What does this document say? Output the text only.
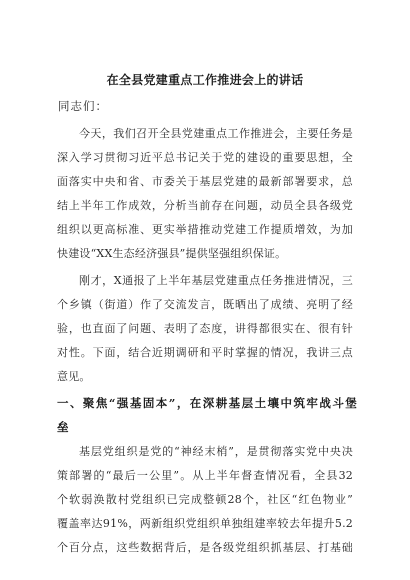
在全县党建重点工作推进会上的讲话

同志们：

今天，我们召开全县党建重点工作推进会，主要任务是
深入学习贯彻习近平总书记关于党的建设的重要思想，全
面落实中央和省、市委关于基层党建的最新部署要求，总
结上半年工作成效，分析当前存在问题，动员全县各级党
组织以更高标准、更实举措推动党建工作提质增效，为加
快建设“XX生态经济强县”提供坚强组织保证。
刚才，X通报了上半年基层党建重点任务推进情况，三
个乡镇（街道）作了交流发言，既晒出了成绩、亮明了经
验，也直面了问题、表明了态度，讲得都很实在、很有针
对性。下面，结合近期调研和平时掌握的情况，我讲三点
意见。
一、聚焦“强基固本”，在深耕基层土壤中筑牢战斗堡
垒
基层党组织是党的“神经末梢”，是贯彻落实党中央决
策部署的“最后一公里”。从上半年督查情况看，全县32
个软弱涣散村党组织已完成整顿28个，社区“红色物业”
覆盖率达91%，两新组织党组织单独组建率较去年提升5.2
个百分点，这些数据背后，是各级党组织抓基层、打基础
